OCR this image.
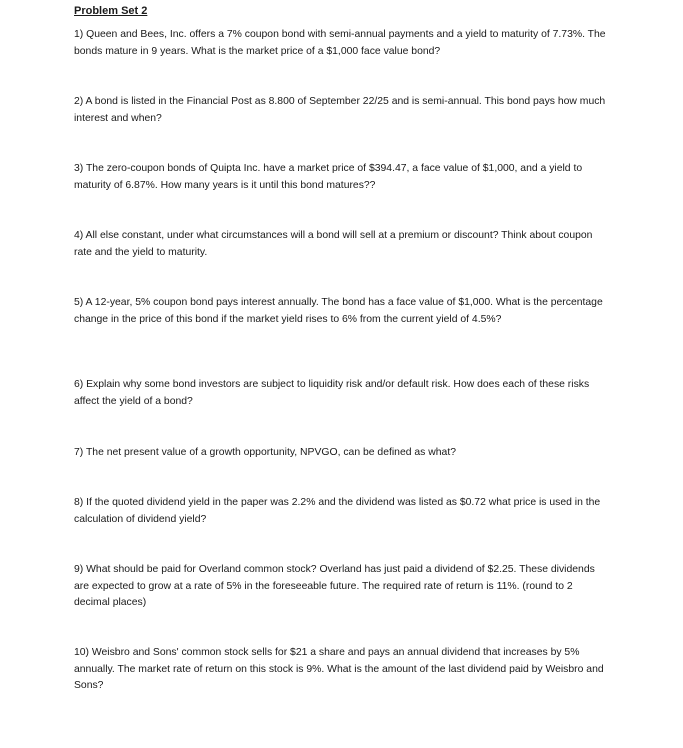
Problem Set 2

1) Queen and Bees, Inc. offers a 7% coupon bond with semi-annual payments and a yield to maturity of 7.73%. The bonds mature in 9 years. What is the market price of a $1,000 face value bond?

2) A bond is listed in the Financial Post as 8.800 of September 22/25 and is semi-annual. This bond pays how much interest and when?

3) The zero-coupon bonds of Quipta Inc. have a market price of $394.47, a face value of $1,000, and a yield to maturity of 6.87%. How many years is it until this bond matures??

4) All else constant, under what circumstances will a bond will sell at a premium or discount? Think about coupon rate and the yield to maturity.

5) A 12-year, 5% coupon bond pays interest annually. The bond has a face value of $1,000. What is the percentage change in the price of this bond if the market yield rises to 6% from the current yield of 4.5%?

6) Explain why some bond investors are subject to liquidity risk and/or default risk. How does each of these risks affect the yield of a bond?

7) The net present value of a growth opportunity, NPVGO, can be defined as what?

8) If the quoted dividend yield in the paper was 2.2% and the dividend was listed as $0.72 what price is used in the calculation of dividend yield?

9) What should be paid for Overland common stock? Overland has just paid a dividend of $2.25. These dividends are expected to grow at a rate of 5% in the foreseeable future. The required rate of return is 11%. (round to 2 decimal places)

10) Weisbro and Sons' common stock sells for $21 a share and pays an annual dividend that increases by 5% annually. The market rate of return on this stock is 9%. What is the amount of the last dividend paid by Weisbro and Sons?
